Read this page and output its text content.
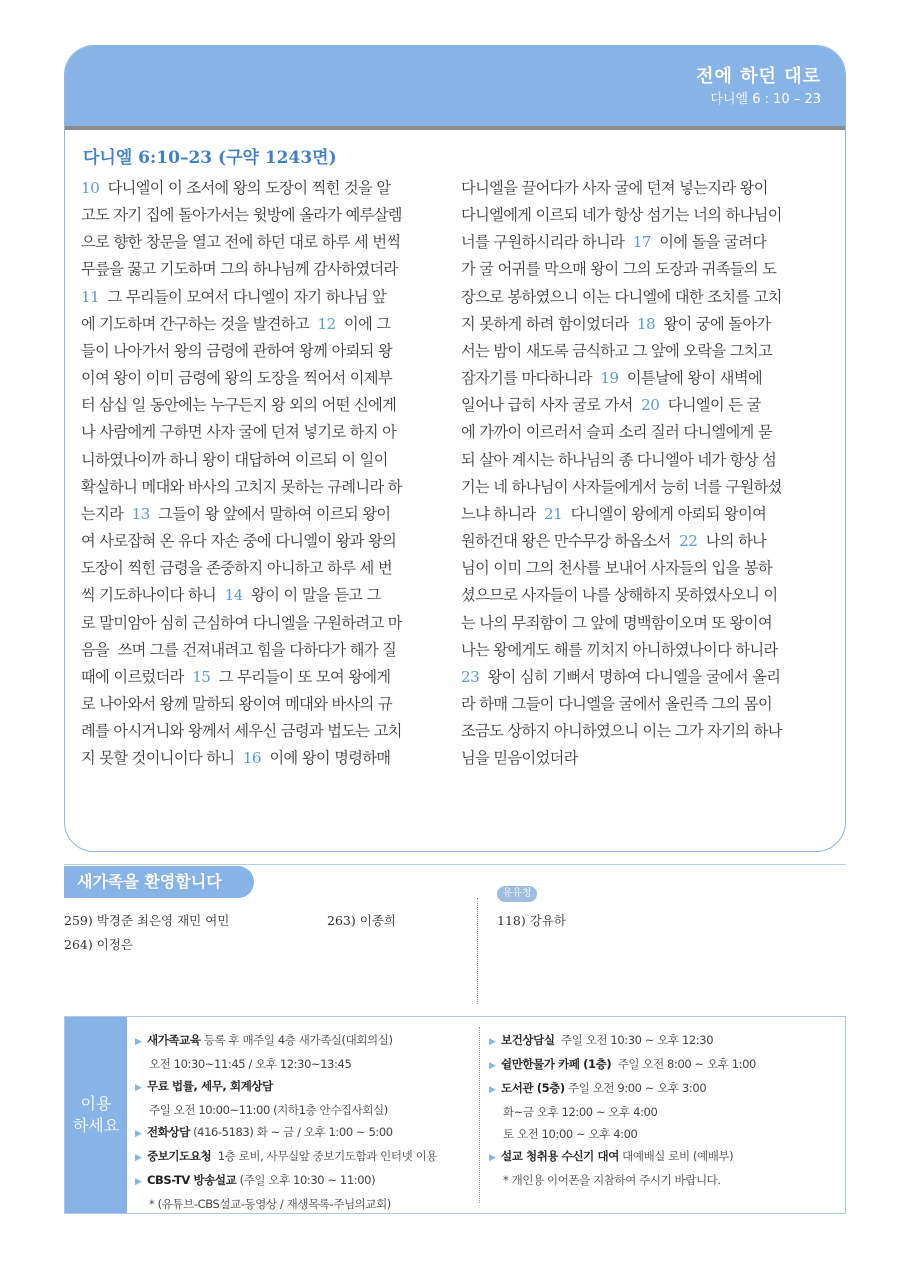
전에 하던 대로
다니엘 6 : 10 – 23
다니엘 6:10–23 (구약 1243면)
10  다니엘이 이 조서에 왕의 도장이 찍힌 것을 알
고도 자기 집에 돌아가서는 윗방에 올라가 예루살렘
으로 향한 창문을 열고 전에 하던 대로 하루 세 번씩
무릎을 꿇고 기도하며 그의 하나님께 감사하였더라
11  그 무리들이 모여서 다니엘이 자기 하나님 앞
에 기도하며 간구하는 것을 발견하고  12  이에 그
들이 나아가서 왕의 금령에 관하여 왕께 아뢰되 왕
이여 왕이 이미 금령에 왕의 도장을 찍어서 이제부
터 삼십 일 동안에는 누구든지 왕 외의 어떤 신에게
나 사람에게 구하면 사자 굴에 던져 넣기로 하지 아
니하였나이까 하니 왕이 대답하여 이르되 이 일이
확실하니 메대와 바사의 고치지 못하는 규례니라 하
는지라  13  그들이 왕 앞에서 말하여 이르되 왕이
여 사로잡혀 온 유다 자손 중에 다니엘이 왕과 왕의
도장이 찍힌 금령을 존중하지 아니하고 하루 세 번
씩 기도하나이다 하니  14  왕이 이 말을 듣고 그
로 말미암아 심히 근심하여 다니엘을 구원하려고 마
음을  쓰며 그를 건져내려고 힘을 다하다가 해가 질
때에 이르렀더라  15  그 무리들이 또 모여 왕에게
로 나아와서 왕께 말하되 왕이여 메대와 바사의 규
례를 아시거니와 왕께서 세우신 금령과 법도는 고치
지 못할 것이니이다 하니  16  이에 왕이 명령하매
다니엘을 끌어다가 사자 굴에 던져 넣는지라 왕이
다니엘에게 이르되 네가 항상 섬기는 너의 하나님이
너를 구원하시리라 하니라  17  이에 돌을 굴려다
가 굴 어귀를 막으매 왕이 그의 도장과 귀족들의 도
장으로 봉하였으니 이는 다니엘에 대한 조치를 고치
지 못하게 하려 함이었더라  18  왕이 궁에 돌아가
서는 밤이 새도록 금식하고 그 앞에 오락을 그치고
잠자기를 마다하니라  19  이튿날에 왕이 새벽에
일어나 급히 사자 굴로 가서  20  다니엘이 든 굴
에 가까이 이르러서 슬피 소리 질러 다니엘에게 묻
되 살아 계시는 하나님의 종 다니엘아 네가 항상 섬
기는 네 하나님이 사자들에게서 능히 너를 구원하셨
느냐 하니라  21  다니엘이 왕에게 아뢰되 왕이여
원하건대 왕은 만수무강 하옵소서  22  나의 하나
님이 이미 그의 천사를 보내어 사자들의 입을 봉하
셨으므로 사자들이 나를 상해하지 못하였사오니 이
는 나의 무죄함이 그 앞에 명백함이오며 또 왕이여
나는 왕에게도 해를 끼치지 아니하였나이다 하니라
23  왕이 심히 기뻐서 명하여 다니엘을 굴에서 올리
라 하매 그들이 다니엘을 굴에서 올린즉 그의 몸이
조금도 상하지 아니하였으니 이는 그가 자기의 하나
님을 믿음이었더라
새가족을 환영합니다
259) 박경준 최은영 재민 여민	263) 이종희
264) 이정은
유유청
118) 강유하
이용
하세요
▶ 새가족교육 등록 후 매주일 4층 새가족실(대회의실)
오전 10:30~11:45 / 오후 12:30~13:45
▶ 무료 법률, 세무, 회계상담
주일 오전 10:00~11:00 (지하1층 안수집사회실)
▶ 전화상담 (416-5183) 화 ~ 금 / 오후 1:00 ~ 5:00
▶ 중보기도요청  1층 로비, 사무실앞 중보기도함과 인터넷 이용
▶ CBS-TV 방송설교 (주일 오후 10:30 ~ 11:00)
* (유튜브-CBS설교-동영상 / 재생목록-주님의교회)
▶ 보건상담실  주일 오전 10:30 ~ 오후 12:30
▶ 쉴만한물가 카페 (1층)  주일 오전 8:00 ~ 오후 1:00
▶ 도서관 (5층) 주일 오전 9:00 ~ 오후 3:00
화~금 오후 12:00 ~ 오후 4:00
토 오전 10:00 ~ 오후 4:00
▶ 설교 청취용 수신기 대여 대예배실 로비 (예배부)
* 개인용 이어폰을 지참하여 주시기 바랍니다.
